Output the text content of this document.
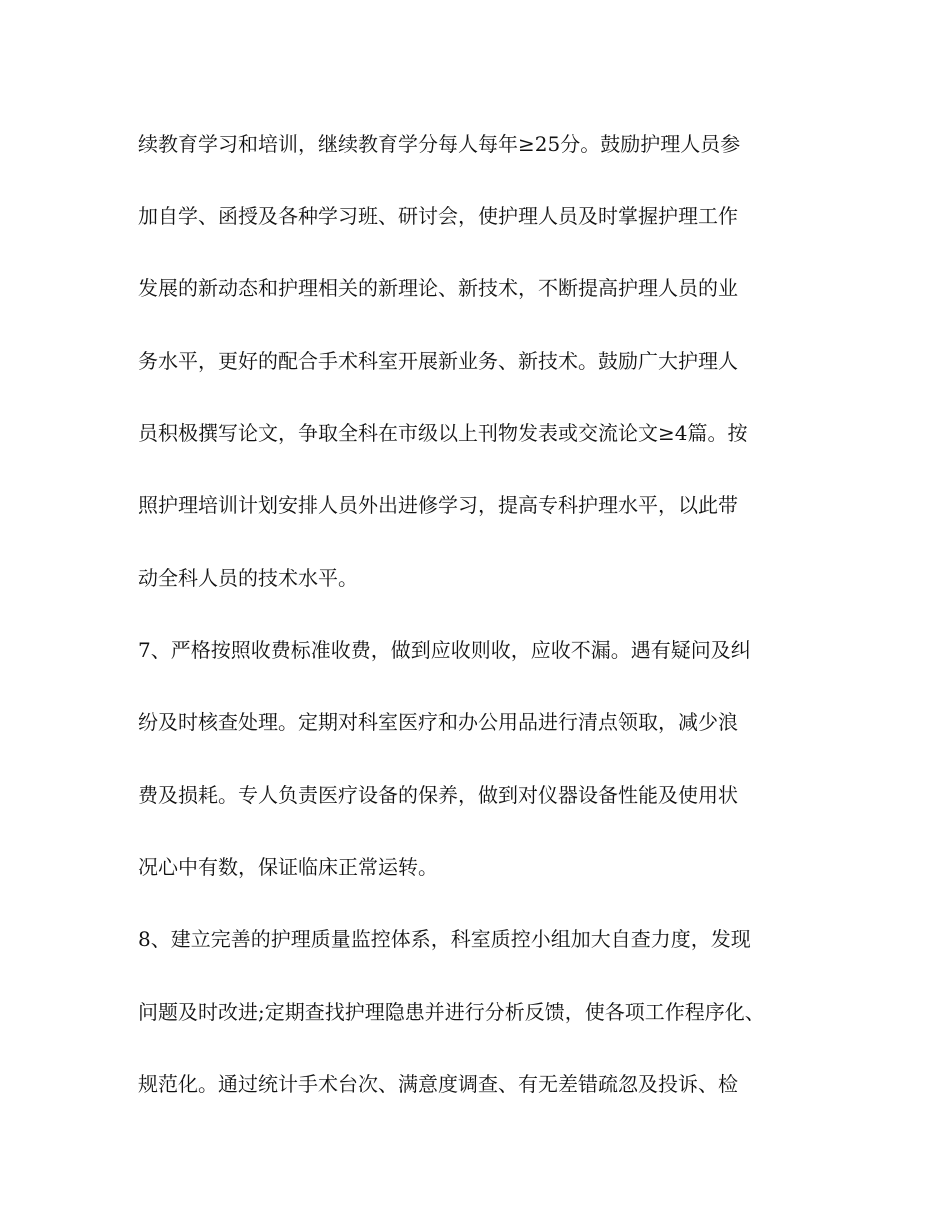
续教育学习和培训，继续教育学分每人每年≥25分。鼓励护理人员参
加自学、函授及各种学习班、研讨会，使护理人员及时掌握护理工作
发展的新动态和护理相关的新理论、新技术，不断提高护理人员的业
务水平，更好的配合手术科室开展新业务、新技术。鼓励广大护理人
员积极撰写论文，争取全科在市级以上刊物发表或交流论文≥4篇。按
照护理培训计划安排人员外出进修学习，提高专科护理水平，以此带
动全科人员的技术水平。
7、严格按照收费标准收费，做到应收则收，应收不漏。遇有疑问及纠
纷及时核查处理。定期对科室医疗和办公用品进行清点领取，减少浪
费及损耗。专人负责医疗设备的保养，做到对仪器设备性能及使用状
况心中有数，保证临床正常运转。
8、建立完善的护理质量监控体系，科室质控小组加大自查力度，发现
问题及时改进;定期查找护理隐患并进行分析反馈，使各项工作程序化、
规范化。通过统计手术台次、满意度调查、有无差错疏忽及投诉、检
